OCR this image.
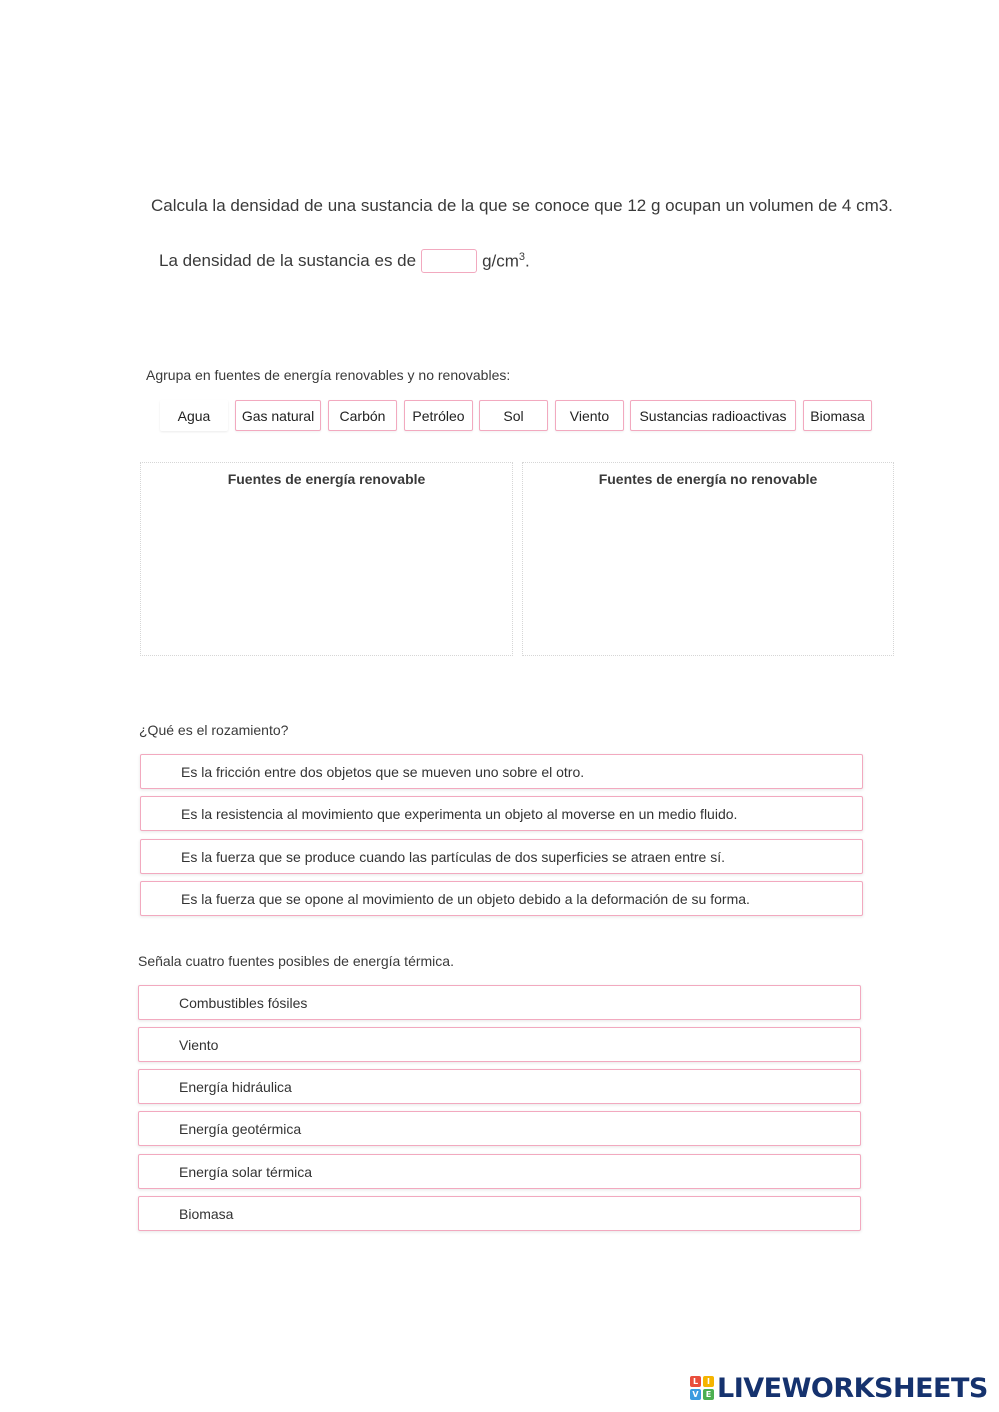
Calcula la densidad de una sustancia de la que se conoce que 12 g ocupan un volumen de 4 cm3.
La densidad de la sustancia es de	$g/cm^3$.
Agrupa en fuentes de energía renovables y no renovables:
Agua	Gas natural	Carbón	Petróleo	Sol	Viento	Sustancias radioactivas	Biomasa
Fuentes de energía renovable	Fuentes de energía no renovable
¿Qué es el rozamiento?
Es la fricción entre dos objetos que se mueven uno sobre el otro.
Es la resistencia al movimiento que experimenta un objeto al moverse en un medio fluido.
Es la fuerza que se produce cuando las partículas de dos superficies se atraen entre sí.
Es la fuerza que se opone al movimiento de un objeto debido a la deformación de su forma.
Señala cuatro fuentes posibles de energía térmica.
Combustibles fósiles
Viento
Energía hidráulica
Energía geotérmica
Energía solar térmica
Biomasa
L	I
V E LIVEWORKSHEETS
